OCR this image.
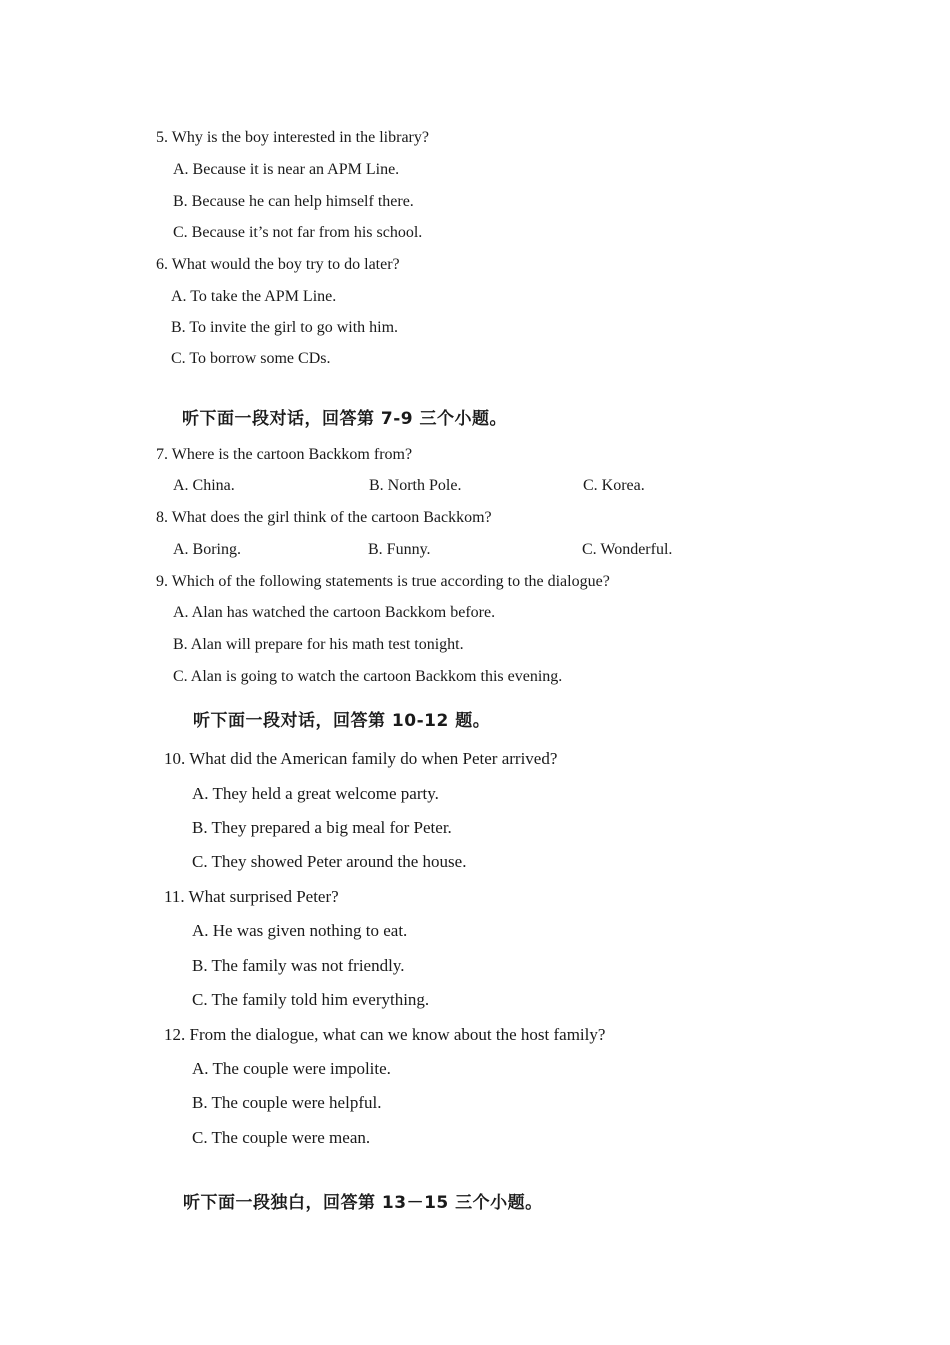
5. Why is the boy interested in the library?
A. Because it is near an APM Line.
B. Because he can help himself there.
C. Because it’s not far from his school.
6. What would the boy try to do later?
A. To take the APM Line.
B. To invite the girl to go with him.
C. To borrow some CDs.
听下面一段对话，回答第 7-9 三个小题。
7. Where is the cartoon Backkom from?
A. China.	B. North Pole.	C. Korea.
8. What does the girl think of the cartoon Backkom?
A. Boring.	B. Funny.	C. Wonderful.
9. Which of the following statements is true according to the dialogue?
A. Alan has watched the cartoon Backkom before.
B. Alan will prepare for his math test tonight.
C. Alan is going to watch the cartoon Backkom this evening.
听下面一段对话，回答第 10-12 题。
10. What did the American family do when Peter arrived?
A. They held a great welcome party.
B. They prepared a big meal for Peter.
C. They showed Peter around the house.
11. What surprised Peter?
A. He was given nothing to eat.
B. The family was not friendly.
C. The family told him everything.
12. From the dialogue, what can we know about the host family?
A. The couple were impolite.
B. The couple were helpful.
C. The couple were mean.
听下面一段独白，回答第 13－15 三个小题。
